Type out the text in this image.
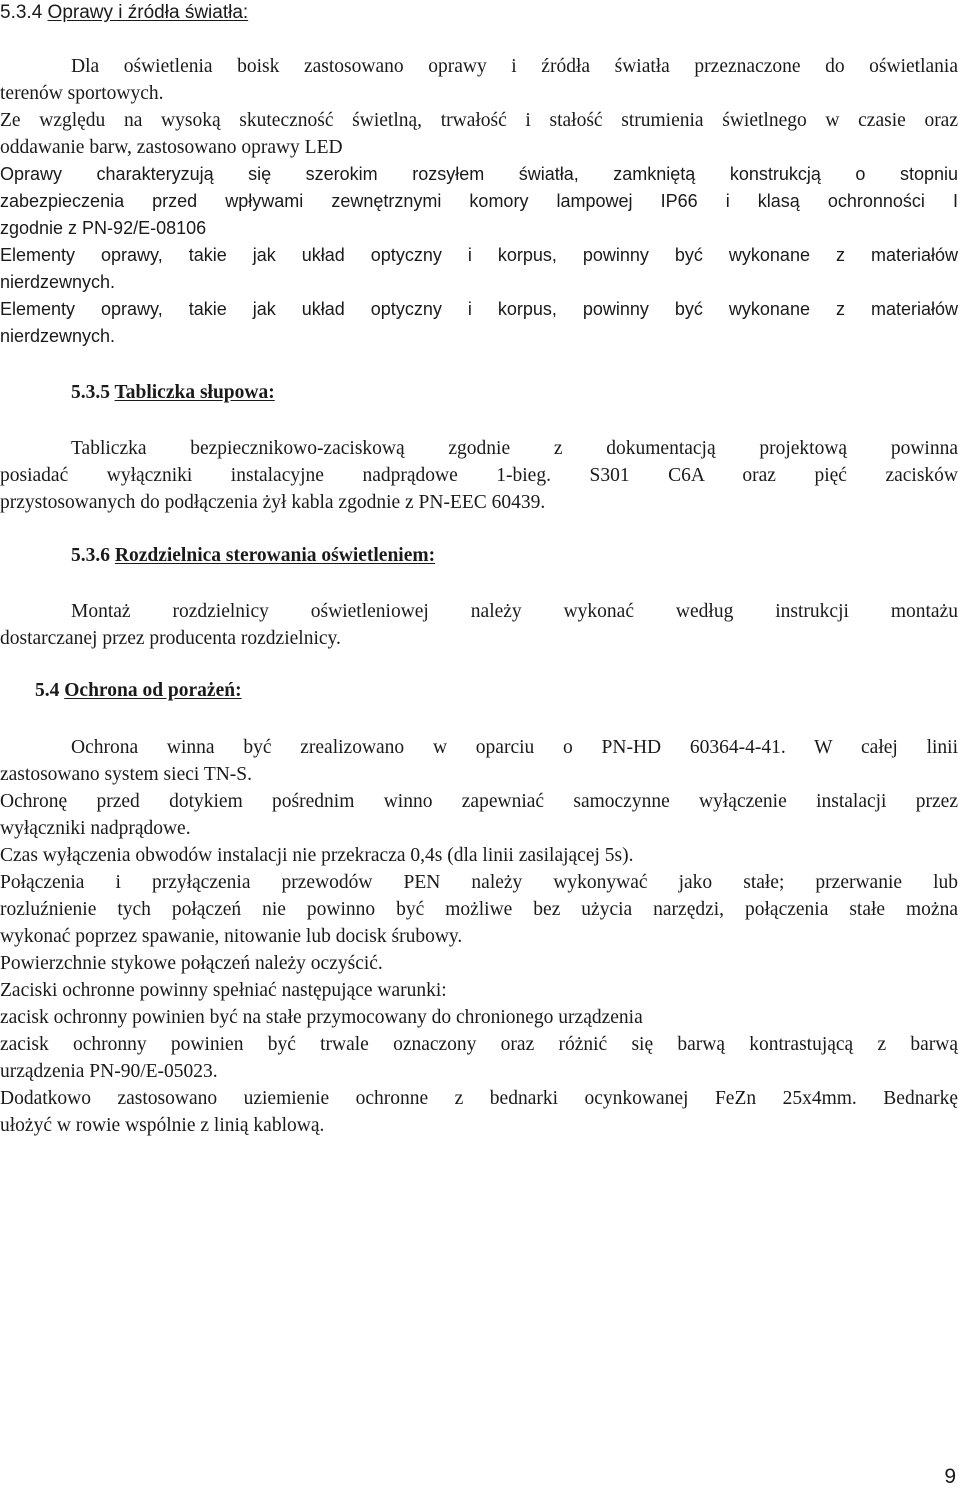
5.3.4 Oprawy i źródła światła:
Dla oświetlenia boisk zastosowano oprawy i źródła światła przeznaczone do oświetlania
terenów sportowych.
Ze względu na wysoką skuteczność świetlną, trwałość i stałość strumienia świetlnego w czasie oraz
oddawanie barw, zastosowano oprawy LED
Oprawy charakteryzują się szerokim rozsyłem światła, zamkniętą konstrukcją o stopniu
zabezpieczenia przed wpływami zewnętrznymi komory lampowej IP66 i klasą ochronności I
zgodnie z PN-92/E-08106
Elementy oprawy, takie jak układ optyczny i korpus, powinny być wykonane z materiałów
nierdzewnych.
Elementy oprawy, takie jak układ optyczny i korpus, powinny być wykonane z materiałów
nierdzewnych.
5.3.5 Tabliczka słupowa:
Tabliczka bezpiecznikowo-zaciskową zgodnie z dokumentacją projektową powinna
posiadać wyłączniki instalacyjne nadprądowe 1-bieg. S301 C6A oraz pięć zacisków
przystosowanych do podłączenia żył kabla zgodnie z PN-EEC 60439.
5.3.6 Rozdzielnica sterowania oświetleniem:
Montaż rozdzielnicy oświetleniowej należy wykonać według instrukcji montażu
dostarczanej przez producenta rozdzielnicy.
5.4 Ochrona od porażeń:
Ochrona winna być zrealizowano w oparciu o PN-HD 60364-4-41. W całej linii
zastosowano system sieci TN-S.
Ochronę przed dotykiem pośrednim winno zapewniać samoczynne wyłączenie instalacji przez
wyłączniki nadprądowe.
Czas wyłączenia obwodów instalacji nie przekracza 0,4s (dla linii zasilającej 5s).
Połączenia i przyłączenia przewodów PEN należy wykonywać jako stałe; przerwanie lub
rozluźnienie tych połączeń nie powinno być możliwe bez użycia narzędzi, połączenia stałe można
wykonać poprzez spawanie, nitowanie lub docisk śrubowy.
Powierzchnie stykowe połączeń należy oczyścić.
Zaciski ochronne powinny spełniać następujące warunki:
zacisk ochronny powinien być na stałe przymocowany do chronionego urządzenia
zacisk ochronny powinien być trwale oznaczony oraz różnić się barwą kontrastującą z barwą
urządzenia PN-90/E-05023.
Dodatkowo zastosowano uziemienie ochronne z bednarki ocynkowanej FeZn 25x4mm. Bednarkę
ułożyć w rowie wspólnie z linią kablową.
9
